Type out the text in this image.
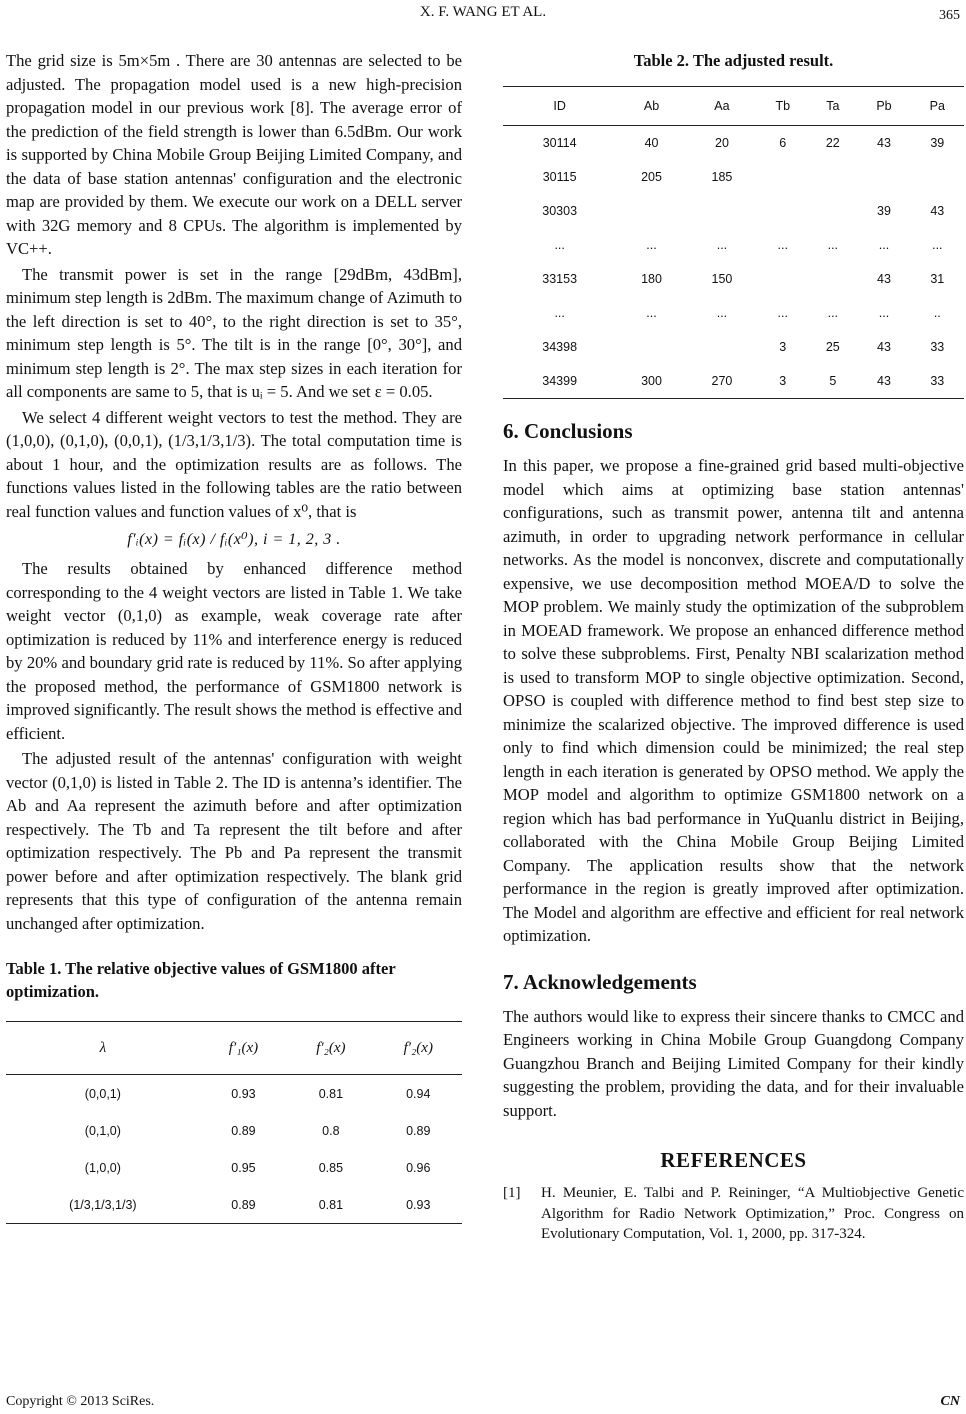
X. F. WANG ET AL.	365

The grid size is 5m×5m . There are 30 antennas are selected to be adjusted. The propagation model used is a new high-precision propagation model in our previous work [8]. The average error of the prediction of the field strength is lower than 6.5dBm. Our work is supported by China Mobile Group Beijing Limited Company, and the data of base station antennas' configuration and the electronic map are provided by them. We execute our work on a DELL server with 32G memory and 8 CPUs. The algorithm is implemented by VC++.

The transmit power is set in the range [29dBm, 43dBm], minimum step length is 2dBm. The maximum change of Azimuth to the left direction is set to 40°, to the right direction is set to 35°, minimum step length is 5°. The tilt is in the range [0°, 30°], and minimum step length is 2°. The max step sizes in each iteration for all components are same to 5, that is uᵢ = 5. And we set ε = 0.05.

We select 4 different weight vectors to test the method. They are (1,0,0), (0,1,0), (0,0,1), (1/3,1/3,1/3). The total computation time is about 1 hour, and the optimization results are as follows. The functions values listed in the following tables are the ratio between real function values and function values of x⁰, that is

f′ᵢ(x) = fᵢ(x) / fᵢ(x⁰), i = 1, 2, 3 .

The results obtained by enhanced difference method corresponding to the 4 weight vectors are listed in Table 1. We take weight vector (0,1,0) as example, weak coverage rate after optimization is reduced by 11% and interference energy is reduced by 20% and boundary grid rate is reduced by 11%. So after applying the proposed method, the performance of GSM1800 network is improved significantly. The result shows the method is effective and efficient.

The adjusted result of the antennas' configuration with weight vector (0,1,0) is listed in Table 2. The ID is antenna’s identifier. The Ab and Aa represent the azimuth before and after optimization respectively. The Tb and Ta represent the tilt before and after optimization respectively. The Pb and Pa represent the transmit power before and after optimization respectively. The blank grid represents that this type of configuration of the antenna remain unchanged after optimization.

Table 1. The relative objective values of GSM1800 after optimization.

λ	f′₁(x)	f′₂(x)	f′₂(x)
(0,0,1)	0.93	0.81	0.94
(0,1,0)	0.89	0.8	0.89
(1,0,0)	0.95	0.85	0.96
(1/3,1/3,1/3)	0.89	0.81	0.93

Table 2. The adjusted result.

ID	Ab	Aa	Tb	Ta	Pb	Pa
30114	40	20	6	22	43	39
30115	205	185				
30303					39	43
...	...	...	...	...	...	...
33153	180	150			43	31
...	...	...	...	...	...	..
34398			3	25	43	33
34399	300	270	3	5	43	33
6. Conclusions

In this paper, we propose a fine-grained grid based multi-objective model which aims at optimizing base station antennas' configurations, such as transmit power, antenna tilt and antenna azimuth, in order to upgrading network performance in cellular networks. As the model is nonconvex, discrete and computationally expensive, we use decomposition method MOEA/D to solve the MOP problem. We mainly study the optimization of the subproblem in MOEAD framework. We propose an enhanced difference method to solve these subproblems. First, Penalty NBI scalarization method is used to transform MOP to single objective optimization. Second, OPSO is coupled with difference method to find best step size to minimize the scalarized objective. The improved difference is used only to find which dimension could be minimized; the real step length in each iteration is generated by OPSO method. We apply the MOP model and algorithm to optimize GSM1800 network on a region which has bad performance in YuQuanlu district in Beijing, collaborated with the China Mobile Group Beijing Limited Company. The application results show that the network performance in the region is greatly improved after optimization. The Model and algorithm are effective and efficient for real network optimization.

7. Acknowledgements

The authors would like to express their sincere thanks to CMCC and Engineers working in China Mobile Group Guangdong Company Guangzhou Branch and Beijing Limited Company for their kindly suggesting the problem, providing the data, and for their invaluable support.

REFERENCES

[1]	H. Meunier, E. Talbi and P. Reininger, “A Multiobjective Genetic Algorithm for Radio Network Optimization,” Proc. Congress on Evolutionary Computation, Vol. 1, 2000, pp. 317-324.
Copyright © 2013 SciRes.	CN
